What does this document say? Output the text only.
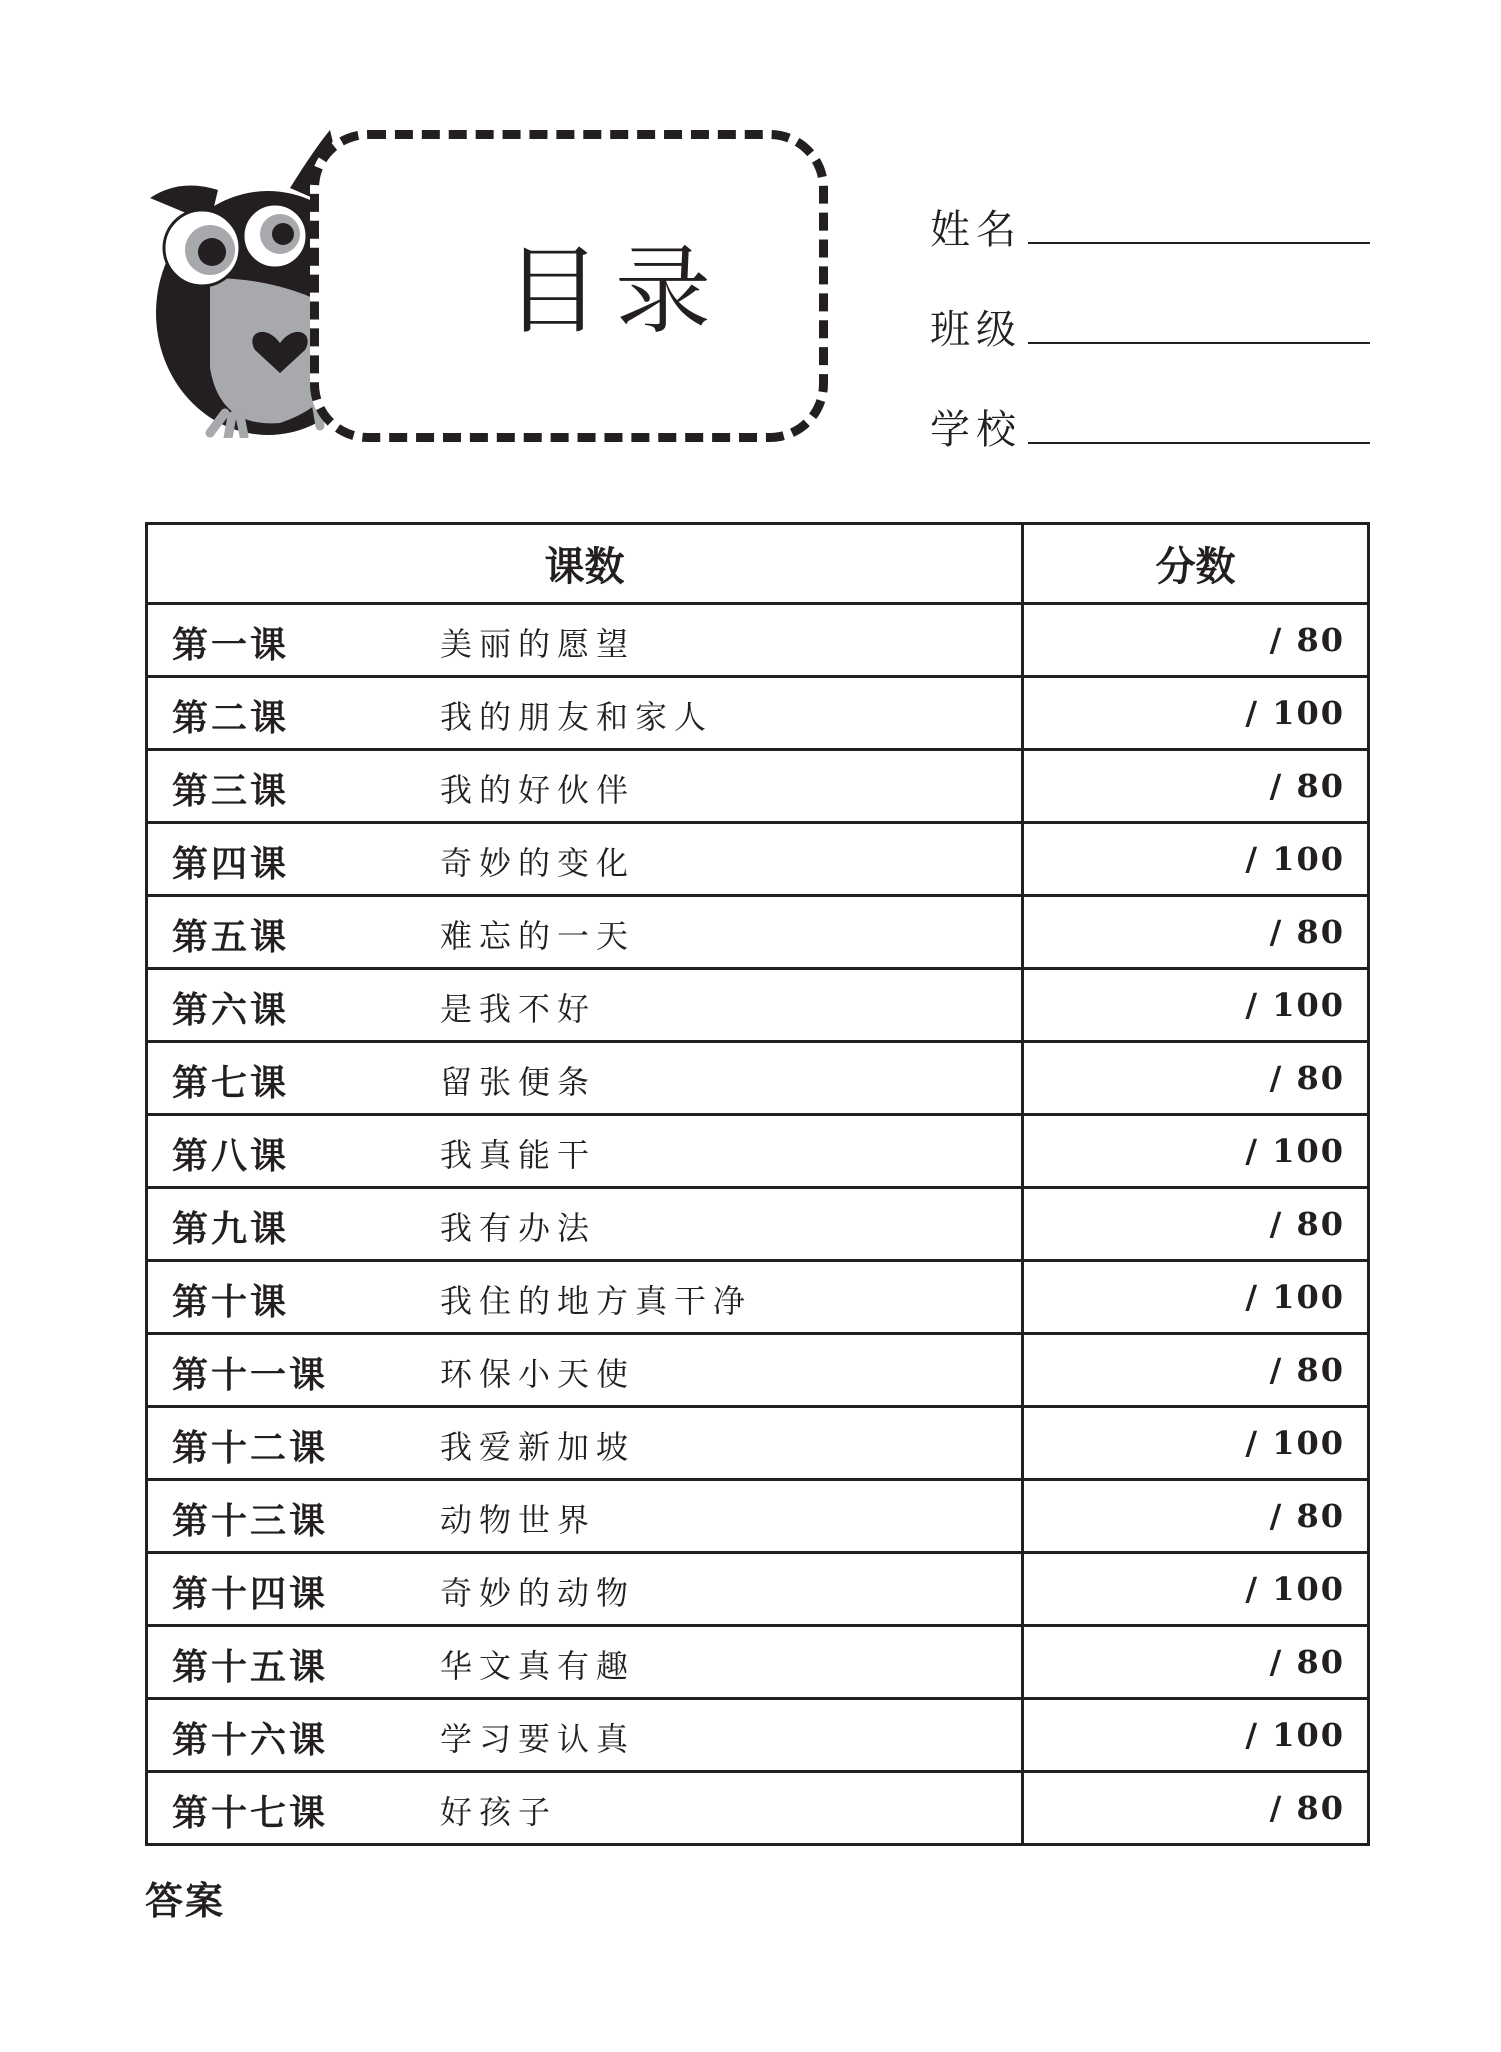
目录
姓名
班级
学校
课数	分数

第一课 美丽的愿望	/ 80

第二课 我的朋友和家人	/ 100

第三课 我的好伙伴	/ 80

第四课 奇妙的变化	/ 100

第五课 难忘的一天	/ 80

第六课 是我不好	/ 100

第七课 留张便条	/ 80

第八课 我真能干	/ 100

第九课 我有办法	/ 80

第十课 我住的地方真干净	/ 100

第十一课 环保小天使	/ 80

第十二课 我爱新加坡	/ 100

第十三课 动物世界	/ 80

第十四课 奇妙的动物	/ 100

第十五课 华文真有趣	/ 80

第十六课 学习要认真	/ 100

第十七课 好孩子	/ 80
答案
